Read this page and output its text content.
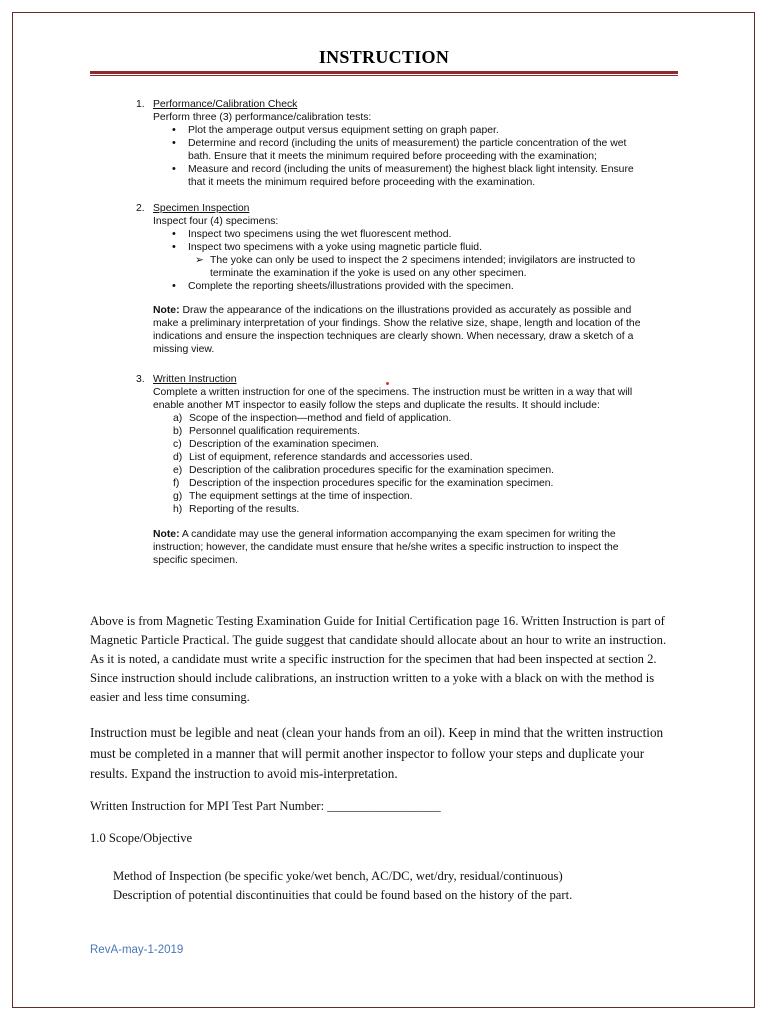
INSTRUCTION
1. Performance/Calibration Check
Perform three (3) performance/calibration tests:
• Plot the amperage output versus equipment setting on graph paper.
• Determine and record (including the units of measurement) the particle concentration of the wet bath. Ensure that it meets the minimum required before proceeding with the examination;
• Measure and record (including the units of measurement) the highest black light intensity. Ensure that it meets the minimum required before proceeding with the examination.
2. Specimen Inspection
Inspect four (4) specimens:
• Inspect two specimens using the wet fluorescent method.
• Inspect two specimens with a yoke using magnetic particle fluid.
➢ The yoke can only be used to inspect the 2 specimens intended; invigilators are instructed to terminate the examination if the yoke is used on any other specimen.
• Complete the reporting sheets/illustrations provided with the specimen.
Note: Draw the appearance of the indications on the illustrations provided as accurately as possible and make a preliminary interpretation of your findings. Show the relative size, shape, length and location of the indications and ensure the inspection techniques are clearly shown. When necessary, draw a sketch of a missing view.
3. Written Instruction
Complete a written instruction for one of the specimens. The instruction must be written in a way that will enable another MT inspector to easily follow the steps and duplicate the results. It should include:
a) Scope of the inspection—method and field of application.
b) Personnel qualification requirements.
c) Description of the examination specimen.
d) List of equipment, reference standards and accessories used.
e) Description of the calibration procedures specific for the examination specimen.
f) Description of the inspection procedures specific for the examination specimen.
g) The equipment settings at the time of inspection.
h) Reporting of the results.
Note: A candidate may use the general information accompanying the exam specimen for writing the instruction; however, the candidate must ensure that he/she writes a specific instruction to inspect the specific specimen.
Above is from Magnetic Testing Examination Guide for Initial Certification page 16. Written Instruction is part of Magnetic Particle Practical. The guide suggest that candidate should allocate about an hour to write an instruction. As it is noted, a candidate must write a specific instruction for the specimen that had been inspected at section 2. Since instruction should include calibrations, an instruction written to a yoke with a black on with the method is easier and less time consuming.
Instruction must be legible and neat (clean your hands from an oil). Keep in mind that the written instruction must be completed in a manner that will permit another inspector to follow your steps and duplicate your results. Expand the instruction to avoid mis-interpretation.
Written Instruction for MPI Test Part Number: __________________
1.0 Scope/Objective
Method of Inspection (be specific yoke/wet bench, AC/DC, wet/dry, residual/continuous)
Description of potential discontinuities that could be found based on the history of the part.
RevA-may-1-2019
